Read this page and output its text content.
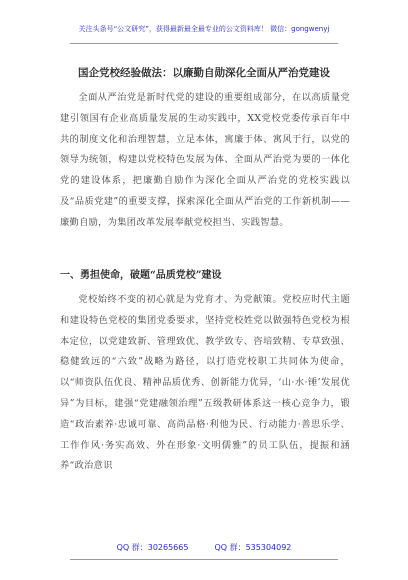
关注头条号“公文研究”，获得最新最全最专业的公文资料库！ 微信：gongwenyj
国企党校经验做法：以廉勤自勋深化全面从严治党建设
全面从严治党是新时代党的建设的重要组成部分，在以高质量党建引领国有企业高质量发展的生动实践中，XX党校党委传承百年中共的制度文化和治理智慧，立足本体，寓廉于体、寓风于行，以党的领导为统领，构建以党校特色发展为体、全面从严治党为要的一体化党的建设体系，把廉勤自励作为深化全面从严治党的党校实践以及“品质党建”的重要支撑，探索深化全面从严治党的工作新机制——廉勤自励，为集团改革发展奉献党校担当、实践智慧。
一、勇担使命，破题“品质党校”建设
党校始终不变的初心就是为党育才、为党献策。党校应时代主题和建设特色党校的集团党委要求，坚持党校姓党以做强特色党校为根本定位，以党建致新、管理致优、教学致专、咨培致精、专草致强、稳健致远的“六致”战略为路径，以打造党校职工共同体为使命，以“师资队伍优良、精神品质优秀、创新能力优异，‘山·水·锤’发展优异”为目标，建强“党建融领治理”五级教研体系这一核心竞争力，锻造“政治素养·忠诚可靠、高尚品格·利他为民、行动能力·善思乐学、工作作风·务实高效、外在形象·文明儒雅”的员工队伍，提振和涵养“政治意识
QQ 群：30265665	QQ 群：535304092
